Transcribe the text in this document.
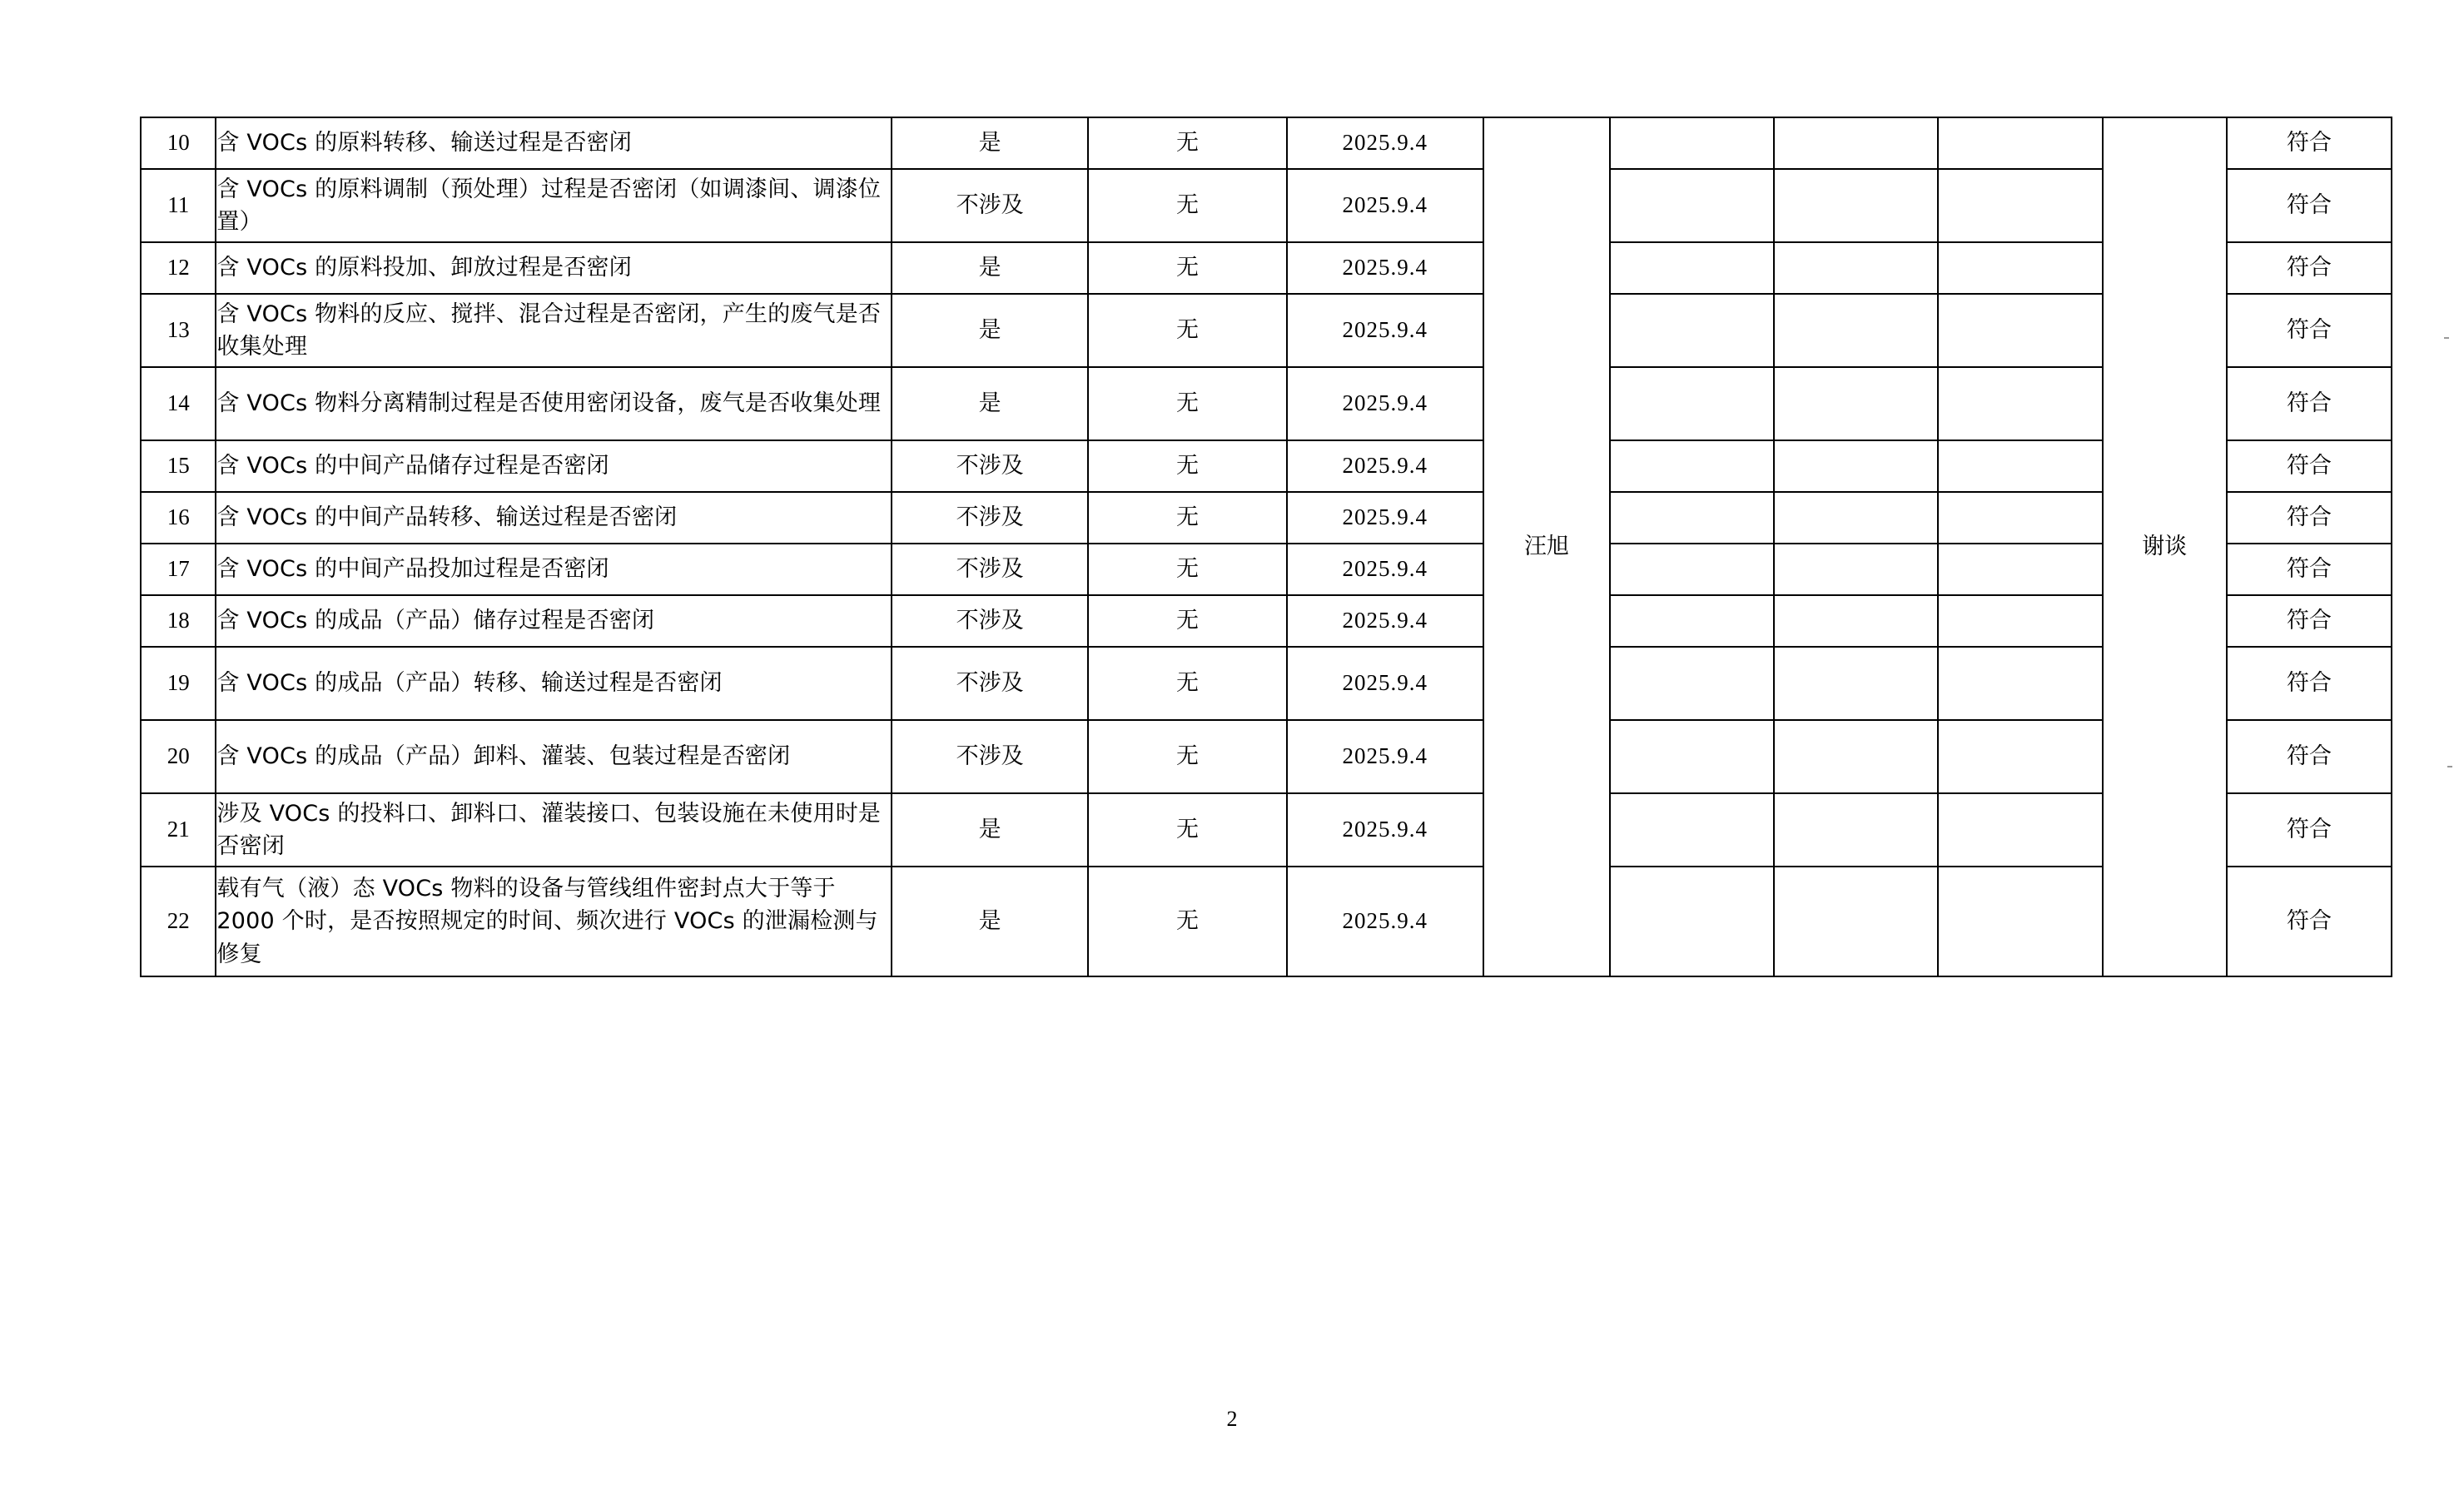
10	含 VOCs 的原料转移、输送过程是否密闭	是	无	2025.9.4	汪旭				谢谈	符合
11	含 VOCs 的原料调制（预处理）过程是否密闭（如调漆间、调漆位置）	不涉及	无	2025.9.4						符合
12	含 VOCs 的原料投加、卸放过程是否密闭	是	无	2025.9.4						符合
13	含 VOCs 物料的反应、搅拌、混合过程是否密闭，产生的废气是否收集处理	是	无	2025.9.4						符合
14	含 VOCs 物料分离精制过程是否使用密闭设备，废气是否收集处理	是	无	2025.9.4						符合
15	含 VOCs 的中间产品储存过程是否密闭	不涉及	无	2025.9.4						符合
16	含 VOCs 的中间产品转移、输送过程是否密闭	不涉及	无	2025.9.4						符合
17	含 VOCs 的中间产品投加过程是否密闭	不涉及	无	2025.9.4						符合
18	含 VOCs 的成品（产品）储存过程是否密闭	不涉及	无	2025.9.4						符合
19	含 VOCs 的成品（产品）转移、输送过程是否密闭	不涉及	无	2025.9.4						符合
20	含 VOCs 的成品（产品）卸料、灌装、包装过程是否密闭	不涉及	无	2025.9.4						符合
21	涉及 VOCs 的投料口、卸料口、灌装接口、包装设施在未使用时是否密闭	是	无	2025.9.4						符合
22	载有气（液）态 VOCs 物料的设备与管线组件密封点大于等于 2000 个时，是否按照规定的时间、频次进行 VOCs 的泄漏检测与修复	是	无	2025.9.4						符合
2
